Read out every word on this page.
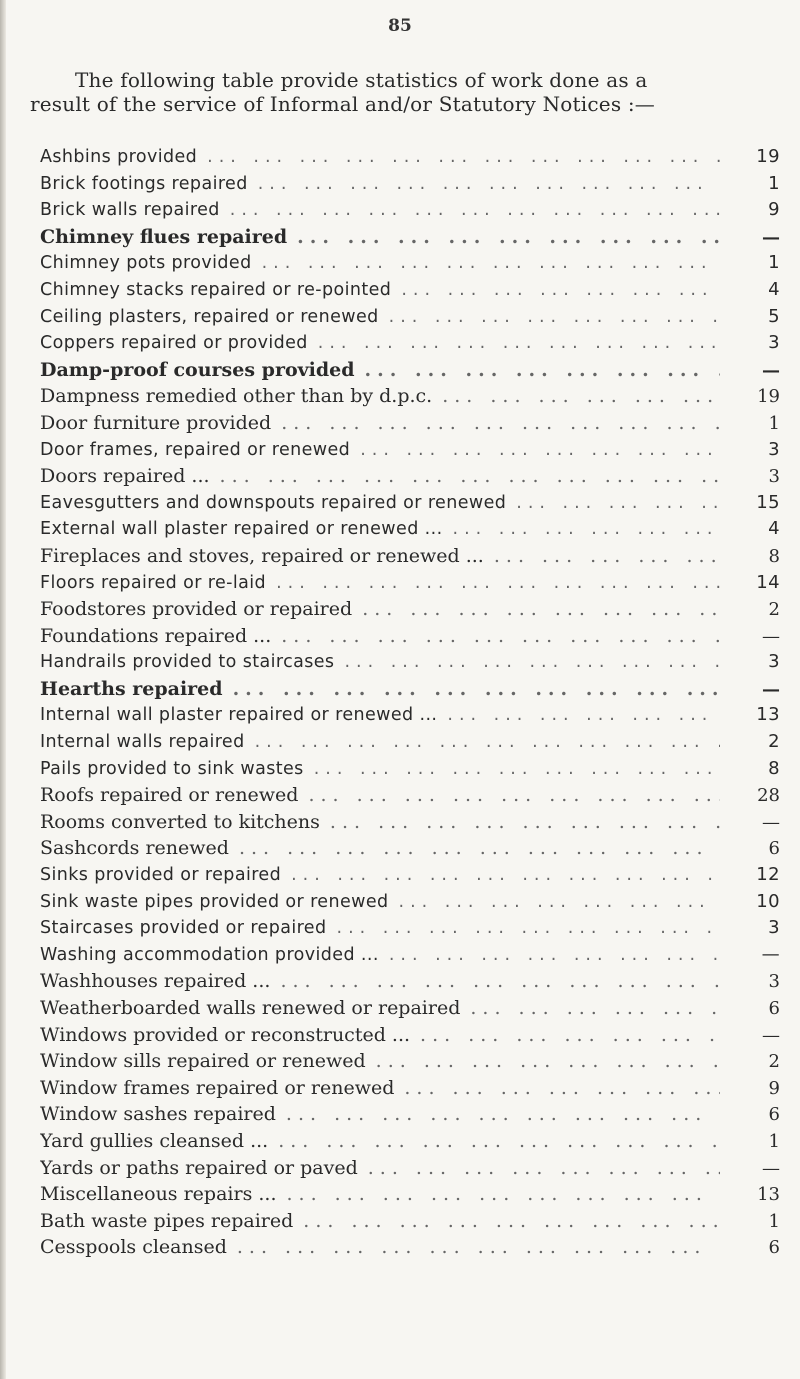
85
The following table provide statistics of work done as a
result of the service of Informal and/or Statutory Notices :—
Ashbins provided ... .	19
Brick footings repaired ... .	1
Brick walls repaired ... .	9
Chimney flues repaired ... .	—
Chimney pots provided ... .	1
Chimney stacks repaired or re-pointed ... .	4
Ceiling plasters, repaired or renewed ... .	5
Coppers repaired or provided ... .	3
Damp-proof courses provided ... .	—
Dampness remedied other than by d.p.c. ... .	19
Door furniture provided ... .	1
Door frames, repaired or renewed ... .	3
Doors repaired ... ... .	3
Eavesgutters and downspouts repaired or renewed ... .	15
External wall plaster repaired or renewed ... ... .	4
Fireplaces and stoves, repaired or renewed ... ... .	8
Floors repaired or re-laid ... .	14
Foodstores provided or repaired ... .	2
Foundations repaired ... ... .	—
Handrails provided to staircases ... .	3
Hearths repaired ... .	—
Internal wall plaster repaired or renewed ... ... .	13
Internal walls repaired ... .	2
Pails provided to sink wastes ... .	8
Roofs repaired or renewed ... .	28
Rooms converted to kitchens ... .	—
Sashcords renewed ... .	6
Sinks provided or repaired ... .	12
Sink waste pipes provided or renewed ... .	10
Staircases provided or repaired ... .	3
Washing accommodation provided ... ... .	—
Washhouses repaired ... ... .	3
Weatherboarded walls renewed or repaired ... .	6
Windows provided or reconstructed ... ... .	—
Window sills repaired or renewed ... .	2
Window frames repaired or renewed ... .	9
Window sashes repaired ... .	6
Yard gullies cleansed ... ... .	1
Yards or paths repaired or paved ... .	—
Miscellaneous repairs ... ... .	13
Bath waste pipes repaired ... .	1
Cesspools cleansed ... .	6
